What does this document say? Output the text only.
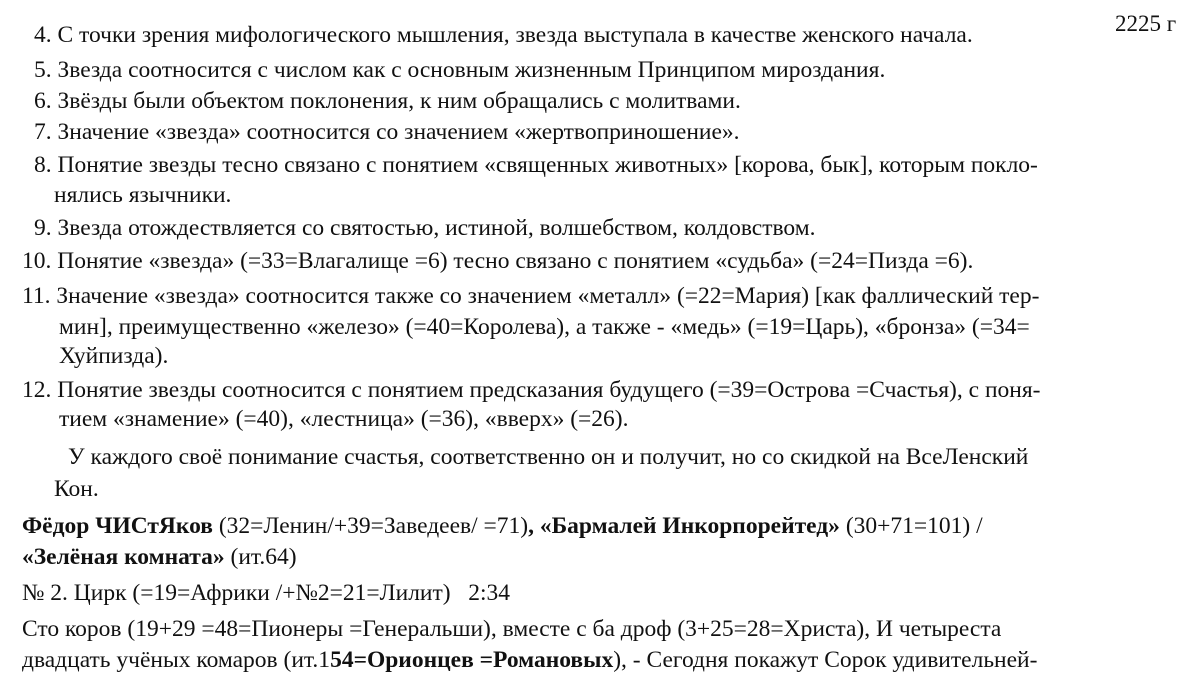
2225 г
4. С точки зрения мифологического мышления, звезда выступала в качестве женского начала.
5. Звезда соотносится с числом как с основным жизненным Принципом мироздания.
6. Звёзды были объектом поклонения, к ним обращались с молитвами.
7. Значение «звезда» соотносится со значением «жертвоприношение».
8. Понятие звезды тесно связано с понятием «священных животных» [корова, бык], которым покло-
нялись язычники.
9. Звезда отождествляется со святостью, истиной, волшебством, колдовством.
10. Понятие «звезда» (=33=Влагалище =6) тесно связано с понятием «судьба» (=24=Пизда =6).
11. Значение «звезда» соотносится также со значением «металл» (=22=Мария) [как фаллический тер-
мин], преимущественно «железо» (=40=Королева), а также - «медь» (=19=Царь), «бронза» (=34=
Хуйпизда).
12. Понятие звезды соотносится с понятием предсказания будущего (=39=Острова =Счастья), с поня-
тием «знамение» (=40), «лестница» (=36), «вверх» (=26).
У каждого своё понимание счастья, соответственно он и получит, но со скидкой на ВсеЛенский
Кон.
Фёдор ЧИСтЯков (32=Ленин/+39=Заведеев/ =71), «Бармалей Инкорпорейтед» (30+71=101) /
«Зелёная комната» (ит.64)
№ 2. Цирк (=19=Африки /+№2=21=Лилит)   2:34
Сто коров (19+29 =48=Пионеры =Генеральши), вместе с ба дроф (3+25=28=Христа), И четыреста
двадцать учёных комаров (ит.154=Орионцев =Романовых), - Сегодня покажут Сорок удивительней-
